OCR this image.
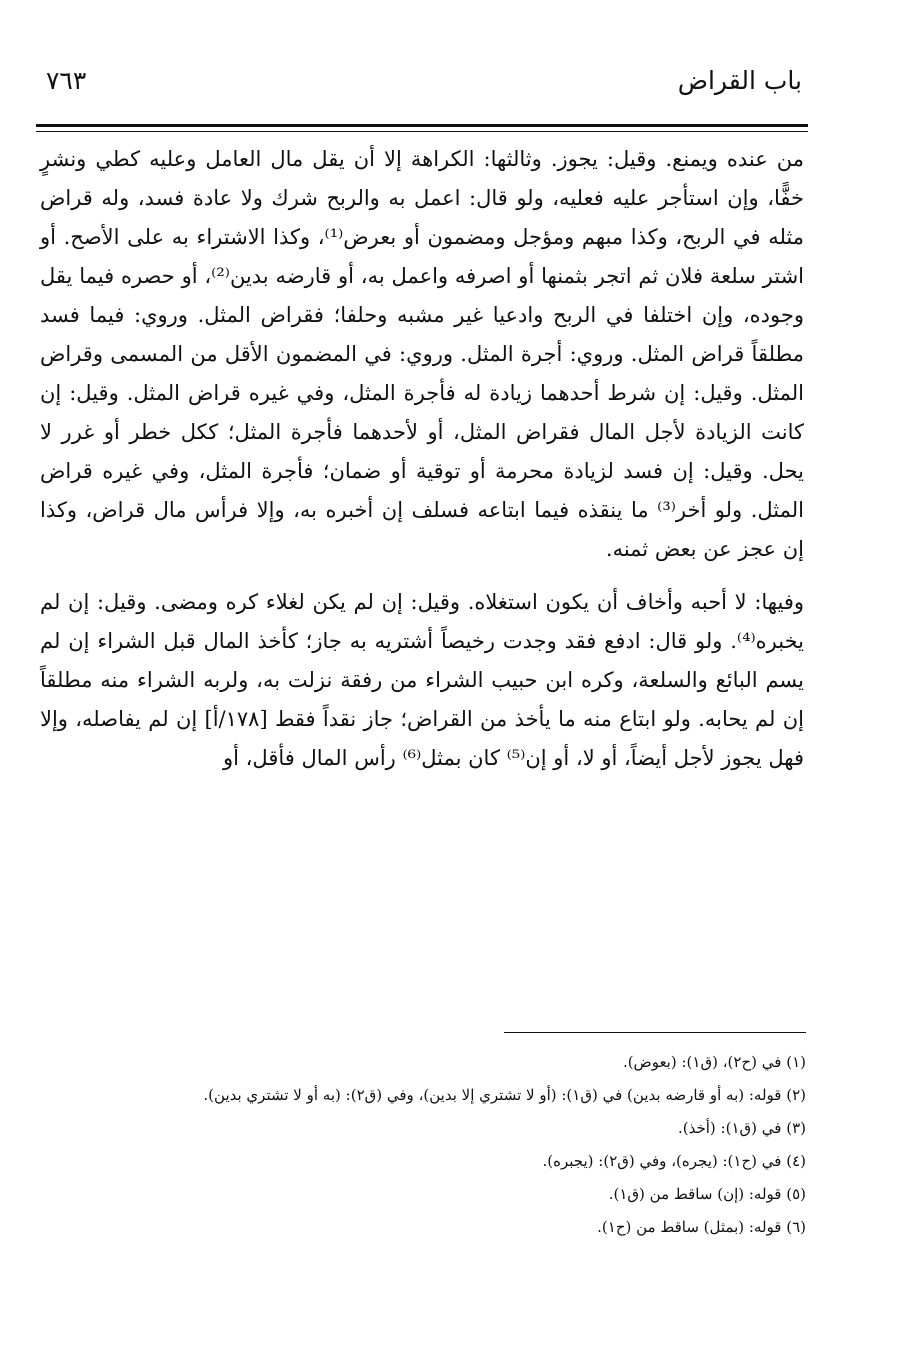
باب القراض
٧٦٣

من عنده ويمنع. وقيل: يجوز. وثالثها: الكراهة إلا أن يقل مال العامل وعليه كطي ونشرٍ خفًّا، وإن استأجر عليه فعليه، ولو قال: اعمل به والربح شرك ولا عادة فسد، وله قراض مثله في الربح، وكذا مبهم ومؤجل ومضمون أو بعرض⁽¹⁾، وكذا الاشتراء به على الأصح. أو اشتر سلعة فلان ثم اتجر بثمنها أو اصرفه واعمل به، أو قارضه بدين⁽²⁾، أو حصره فيما يقل وجوده، وإن اختلفا في الربح وادعيا غير مشبه وحلفا؛ فقراض المثل. وروي: فيما فسد مطلقاً قراض المثل. وروي: أجرة المثل. وروي: في المضمون الأقل من المسمى وقراض المثل. وقيل: إن شرط أحدهما زيادة له فأجرة المثل، وفي غيره قراض المثل. وقيل: إن كانت الزيادة لأجل المال فقراض المثل، أو لأحدهما فأجرة المثل؛ ككل خطر أو غرر لا يحل. وقيل: إن فسد لزيادة محرمة أو توقية أو ضمان؛ فأجرة المثل، وفي غيره قراض المثل. ولو أخر⁽³⁾ ما ينقذه فيما ابتاعه فسلف إن أخبره به، وإلا فرأس مال قراض، وكذا إن عجز عن بعض ثمنه.

وفيها: لا أحبه وأخاف أن يكون استغلاه. وقيل: إن لم يكن لغلاء كره ومضى. وقيل: إن لم يخبره⁽⁴⁾. ولو قال: ادفع فقد وجدت رخيصاً أشتريه به جاز؛ كأخذ المال قبل الشراء إن لم يسم البائع والسلعة، وكره ابن حبيب الشراء من رفقة نزلت به، ولربه الشراء منه مطلقاً إن لم يحابه. ولو ابتاع منه ما يأخذ من القراض؛ جاز نقداً فقط [١٧٨/أ] إن لم يفاصله، وإلا فهل يجوز لأجل أيضاً، أو لا، أو إن⁽⁵⁾ كان بمثل⁽⁶⁾ رأس المال فأقل، أو

(١) في (ح٢)، (ق١): (بعوض).
(٢) قوله: (به أو قارضه بدين) في (ق١): (أو لا تشتري إلا بدين)، وفي (ق٢): (به أو لا تشتري بدين).
(٣) في (ق١): (أخذ).
(٤) في (ح١): (يجره)، وفي (ق٢): (يجبره).
(٥) قوله: (إن) ساقط من (ق١).
(٦) قوله: (بمثل) ساقط من (ح١).
